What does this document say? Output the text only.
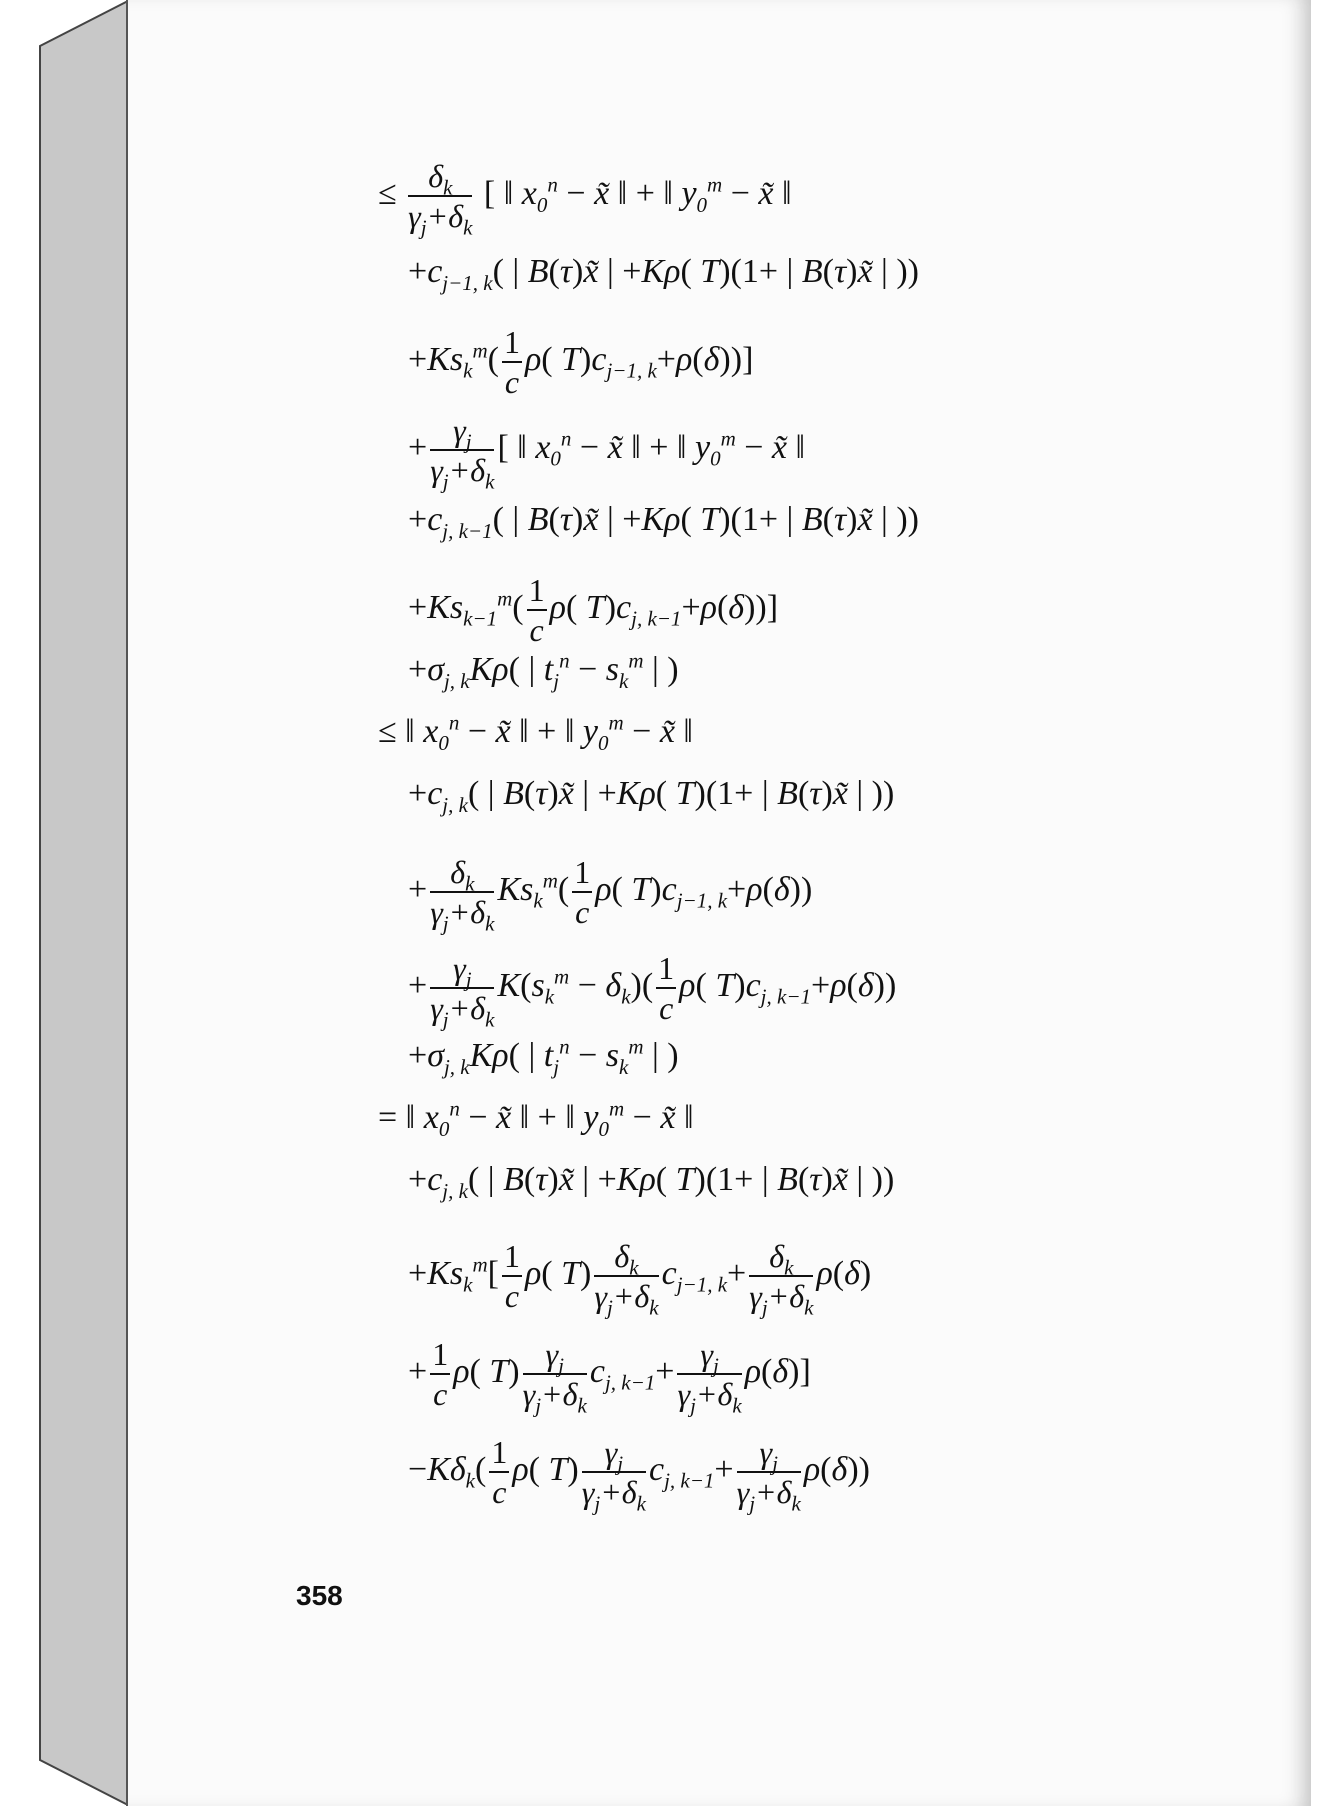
≤ $\frac{\delta_k}{\gamma_j+\delta_k}$ [ ‖ $x_0^n$ − x̃ ‖ + ‖ $y_0^m$ − x̃ ‖
$+c_{j-1, k}$( | B(τ)x̃ | +Kρ( T)(1+ | B(τ)x̃ | ))
$+Ks_k^m( \frac{1}{c} \rho$( $T)c_{j-1, k}+\rho(\delta)$)]
+ $\frac{\gamma_j}{\gamma_j+\delta_k}$ [ ‖ $x_0^n$ − x̃ ‖ + ‖ $y_0^m$ − x̃ ‖
$+c_{j, k-1}$( | B(τ)x̃ | +Kρ( T)(1+ | B(τ)x̃ | ))
$+Ks_{k-1}^m( \frac{1}{c} \rho$( $T)c_{j, k-1}+\rho(\delta)$)]
$+\sigma_{j, k}K\rho$( | $t_j^n - s_k^m$ | )
≤ ‖ $x_0^n$ − x̃ ‖ + ‖ $y_0^m$ − x̃ ‖
$+c_{j, k}$( | B(τ)x̃ | +Kρ( T)(1+ | B(τ)x̃ | ))
+ $\frac{\delta_k}{\gamma_j+\delta_k} Ks_k^m( \frac{1}{c} \rho$( $T)c_{j-1, k}+\rho(\delta)$)
+ $\frac{\gamma_j}{\gamma_j+\delta_k} K(s_k^m - \delta_k)( \frac{1}{c} \rho$( $T)c_{j, k-1}+\rho(\delta)$)
$+\sigma_{j, k}K\rho$( | $t_j^n - s_k^m$ | )
= ‖ $x_0^n$ − x̃ ‖ + ‖ $y_0^m$ − x̃ ‖
$+c_{j, k}$( | B(τ)x̃ | +Kρ( T)(1+ | B(τ)x̃ | ))
$+Ks_k^m[ \frac{1}{c} \rho$( $T) \frac{\delta_k}{\gamma_j+\delta_k} c_{j-1, k}+ \frac{\delta_k}{\gamma_j+\delta_k} \rho(\delta)$
+ $\frac{1}{c} \rho$( $T) \frac{\gamma_j}{\gamma_j+\delta_k} c_{j, k-1}+ \frac{\gamma_j}{\gamma_j+\delta_k} \rho(\delta)$]
$-K\delta_k( \frac{1}{c} \rho$( $T) \frac{\gamma_j}{\gamma_j+\delta_k} c_{j, k-1}+ \frac{\gamma_j}{\gamma_j+\delta_k} \rho(\delta)$)
358
